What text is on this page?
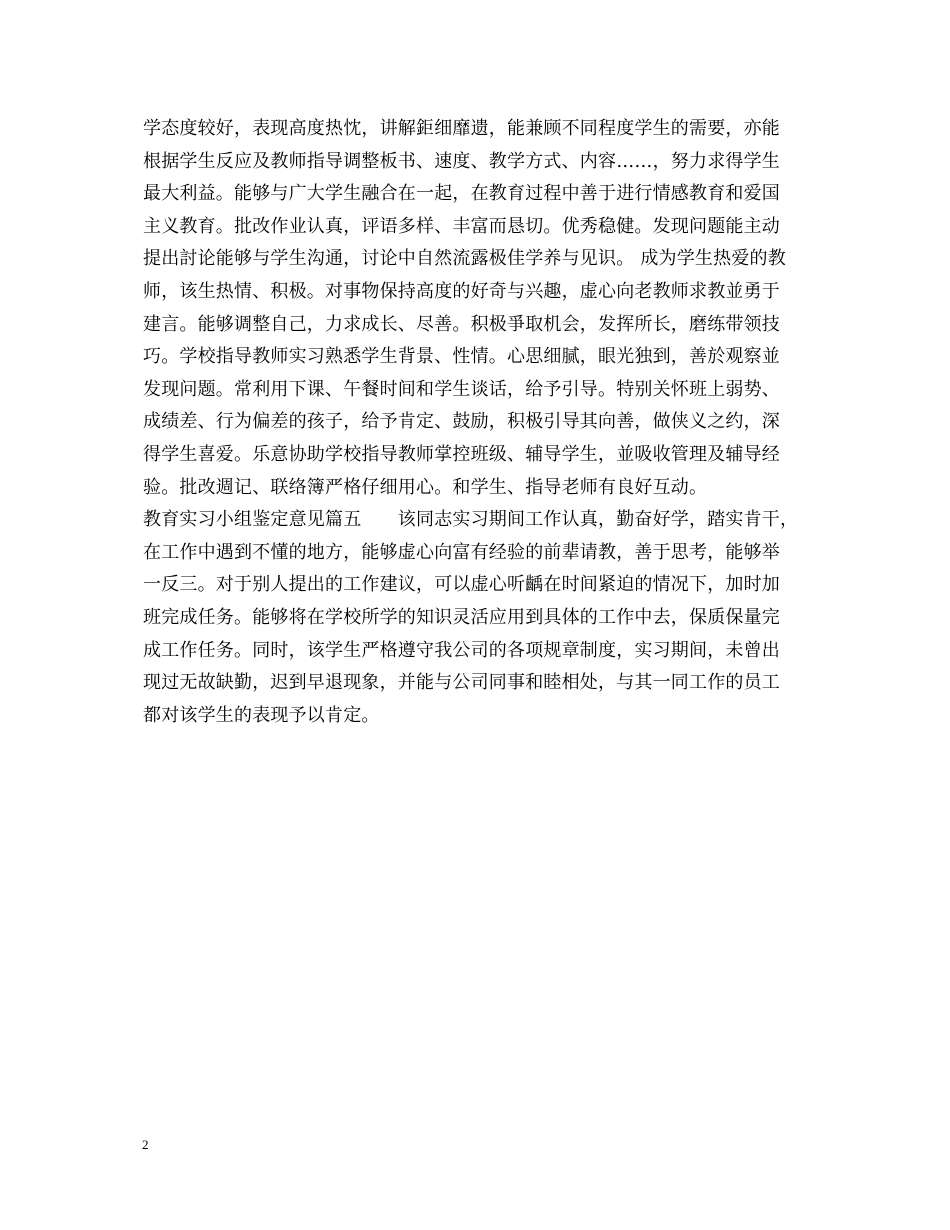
学态度较好，表现高度热忱，讲解鉅细靡遗，能兼顾不同程度学生的需要，亦能
根据学生反应及教师指导调整板书、速度、教学方式、内容……，努力求得学生
最大利益。能够与广大学生融合在一起，在教育过程中善于进行情感教育和爱国
主义教育。批改作业认真，评语多样、丰富而恳切。优秀稳健。发现问题能主动
提出討论能够与学生沟通，讨论中自然流露极佳学养与见识。 成为学生热爱的教
师，该生热情、积极。对事物保持高度的好奇与兴趣，虚心向老教师求教並勇于
建言。能够调整自己，力求成长、尽善。积极爭取机会，发挥所长，磨练带领技
巧。学校指导教师实习熟悉学生背景、性情。心思细腻，眼光独到，善於观察並
发现问题。常利用下课、午餐时间和学生谈话，给予引导。特别关怀班上弱势、
成绩差、行为偏差的孩子，给予肯定、鼓励，积极引导其向善，做侠义之约，深
得学生喜爱。乐意协助学校指导教师掌控班级、辅导学生，並吸收管理及辅导经
验。批改週记、联络簿严格仔细用心。和学生、指导老师有良好互动。
教育实习小组鉴定意见篇五　　该同志实习期间工作认真，勤奋好学，踏实肯干，
在工作中遇到不懂的地方，能够虚心向富有经验的前辈请教，善于思考，能够举
一反三。对于别人提出的工作建议，可以虚心听齲在时间紧迫的情况下，加时加
班完成任务。能够将在学校所学的知识灵活应用到具体的工作中去，保质保量完
成工作任务。同时，该学生严格遵守我公司的各项规章制度，实习期间，未曾出
现过无故缺勤，迟到早退现象，并能与公司同事和睦相处，与其一同工作的员工
都对该学生的表现予以肯定。
2
